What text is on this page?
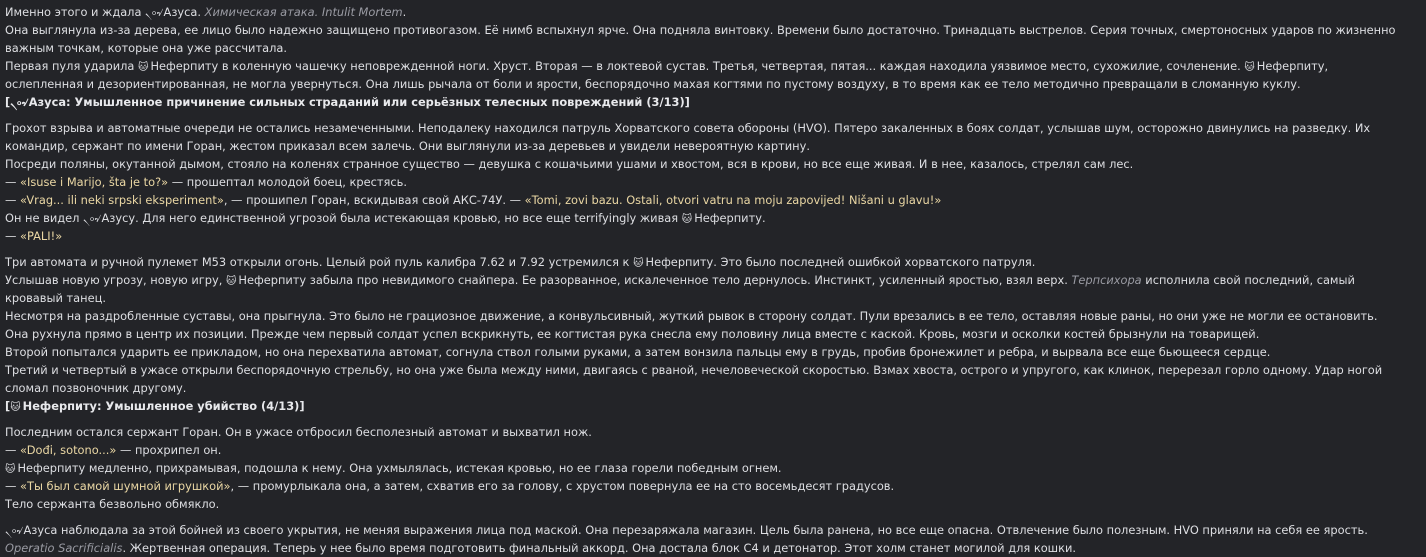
Именно этого и ждала ৲৹৵Азуса. Химическая атака. Intulit Mortem.
Она выглянула из-за дерева, ее лицо было надежно защищено противогазом. Её нимб вспыхнул ярче. Она подняла винтовку. Времени было достаточно. Тринадцать выстрелов. Серия точных, смертоносных ударов по жизненно важным точкам, которые она уже рассчитала.
Первая пуля ударила 🐱 Неферпиту в коленную чашечку неповрежденной ноги. Хруст. Вторая — в локтевой сустав. Третья, четвертая, пятая... каждая находила уязвимое место, сухожилие, сочленение. 🐱 Неферпиту, ослепленная и дезориентированная, не могла увернуться. Она лишь рычала от боли и ярости, беспорядочно махая когтями по пустому воздуху, в то время как ее тело методично превращали в сломанную куклу.
[৲৹৵Азуса: Умышленное причинение сильных страданий или серьёзных телесных повреждений (3/13)]
Грохот взрыва и автоматные очереди не остались незамеченными. Неподалеку находился патруль Хорватского совета обороны (HVO). Пятеро закаленных в боях солдат, услышав шум, осторожно двинулись на разведку. Их командир, сержант по имени Горан, жестом приказал всем залечь. Они выглянули из-за деревьев и увидели невероятную картину.
Посреди поляны, окутанной дымом, стояло на коленях странное существо — девушка с кошачьими ушами и хвостом, вся в крови, но все еще живая. И в нее, казалось, стрелял сам лес.
— «Isuse i Marijo, šta je to?» — прошептал молодой боец, крестясь.
— «Vrag... ili neki srpski eksperiment», — прошипел Горан, вскидывая свой АКС-74У. — «Tomi, zovi bazu. Ostali, otvori vatru na moju zapovijed! Nišani u glavu!»
Он не видел ৲৹৵Азусу. Для него единственной угрозой была истекающая кровью, но все еще terrifyingly живая 🐱 Неферпиту.
— «PALI!»
Три автомата и ручной пулемет M53 открыли огонь. Целый рой пуль калибра 7.62 и 7.92 устремился к 🐱 Неферпиту. Это было последней ошибкой хорватского патруля.
Услышав новую угрозу, новую игру, 🐱 Неферпиту забыла про невидимого снайпера. Ее разорванное, искалеченное тело дернулось. Инстинкт, усиленный яростью, взял верх. Терпсихора исполнила свой последний, самый кровавый танец.
Несмотря на раздробленные суставы, она прыгнула. Это было не грациозное движение, а конвульсивный, жуткий рывок в сторону солдат. Пули врезались в ее тело, оставляя новые раны, но они уже не могли ее остановить.
Она рухнула прямо в центр их позиции. Прежде чем первый солдат успел вскрикнуть, ее когтистая рука снесла ему половину лица вместе с каской. Кровь, мозги и осколки костей брызнули на товарищей.
Второй попытался ударить ее прикладом, но она перехватила автомат, согнула ствол голыми руками, а затем вонзила пальцы ему в грудь, пробив бронежилет и ребра, и вырвала все еще бьющееся сердце.
Третий и четвертый в ужасе открыли беспорядочную стрельбу, но она уже была между ними, двигаясь с рваной, нечеловеческой скоростью. Взмах хвоста, острого и упругого, как клинок, перерезал горло одному. Удар ногой сломал позвоночник другому.
[🐱 Неферпиту: Умышленное убийство (4/13)]
Последним остался сержант Горан. Он в ужасе отбросил бесполезный автомат и выхватил нож.
— «Dođi, sotono...» — прохрипел он.
🐱 Неферпиту медленно, прихрамывая, подошла к нему. Она ухмылялась, истекая кровью, но ее глаза горели победным огнем.
— «Ты был самой шумной игрушкой», — промурлыкала она, а затем, схватив его за голову, с хрустом повернула ее на сто восемьдесят градусов.
Тело сержанта безвольно обмякло.
৲৹৵Азуса наблюдала за этой бойней из своего укрытия, не меняя выражения лица под маской. Она перезаряжала магазин. Цель была ранена, но все еще опасна. Отвлечение было полезным. HVO приняли на себя ее ярость. Operatio Sacrificialis. Жертвенная операция. Теперь у нее было время подготовить финальный аккорд. Она достала блок C4 и детонатор. Этот холм станет могилой для кошки.
